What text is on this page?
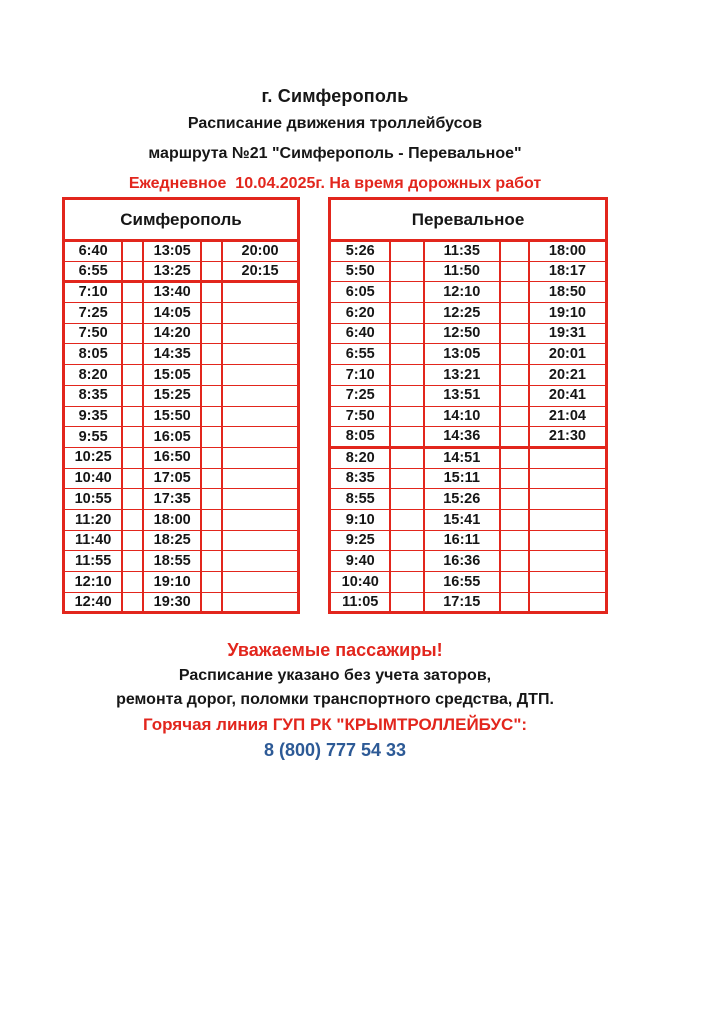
г. Симферополь
Расписание движения троллейбусов
маршрута №21 "Симферополь - Перевальное"
Ежедневное  10.04.2025г. На время дорожных работ
Симферополь				
6:40		13:05		20:00
6:55		13:25		20:15
7:10		13:40		
7:25		14:05		
7:50		14:20		
8:05		14:35		
8:20		15:05		
8:35		15:25		
9:35		15:50		
9:55		16:05		
10:25		16:50		
10:40		17:05		
10:55		17:35		
11:20		18:00		
11:40		18:25		
11:55		18:55		
12:10		19:10		
12:40		19:30		
Перевальное				
5:26		11:35		18:00
5:50		11:50		18:17
6:05		12:10		18:50
6:20		12:25		19:10
6:40		12:50		19:31
6:55		13:05		20:01
7:10		13:21		20:21
7:25		13:51		20:41
7:50		14:10		21:04
8:05		14:36		21:30
8:20		14:51		
8:35		15:11		
8:55		15:26		
9:10		15:41		
9:25		16:11		
9:40		16:36		
10:40		16:55		
11:05		17:15		
Уважаемые пассажиры!
Расписание указано без учета заторов,
ремонта дорог, поломки транспортного средства, ДТП.
Горячая линия ГУП РК "КРЫМТРОЛЛЕЙБУС":
8 (800) 777 54 33
